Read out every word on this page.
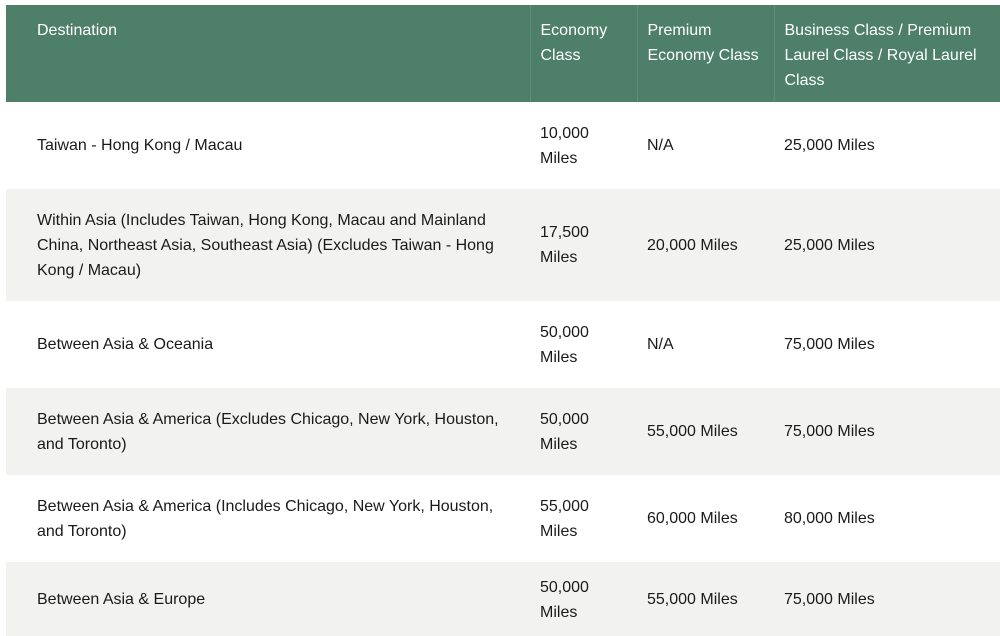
Destination	Economy Class	Premium Economy Class	Business Class / Premium Laurel Class / Royal Laurel Class
Taiwan - Hong Kong / Macau	10,000 Miles	N/A	25,000 Miles
Within Asia (Includes Taiwan, Hong Kong, Macau and Mainland China, Northeast Asia, Southeast Asia) (Excludes Taiwan - Hong Kong / Macau)	17,500 Miles	20,000 Miles	25,000 Miles
Between Asia & Oceania	50,000 Miles	N/A	75,000 Miles
Between Asia & America (Excludes Chicago, New York, Houston, and Toronto)	50,000 Miles	55,000 Miles	75,000 Miles
Between Asia & America (Includes Chicago, New York, Houston, and Toronto)	55,000 Miles	60,000 Miles	80,000 Miles
Between Asia & Europe	50,000 Miles	55,000 Miles	75,000 Miles
